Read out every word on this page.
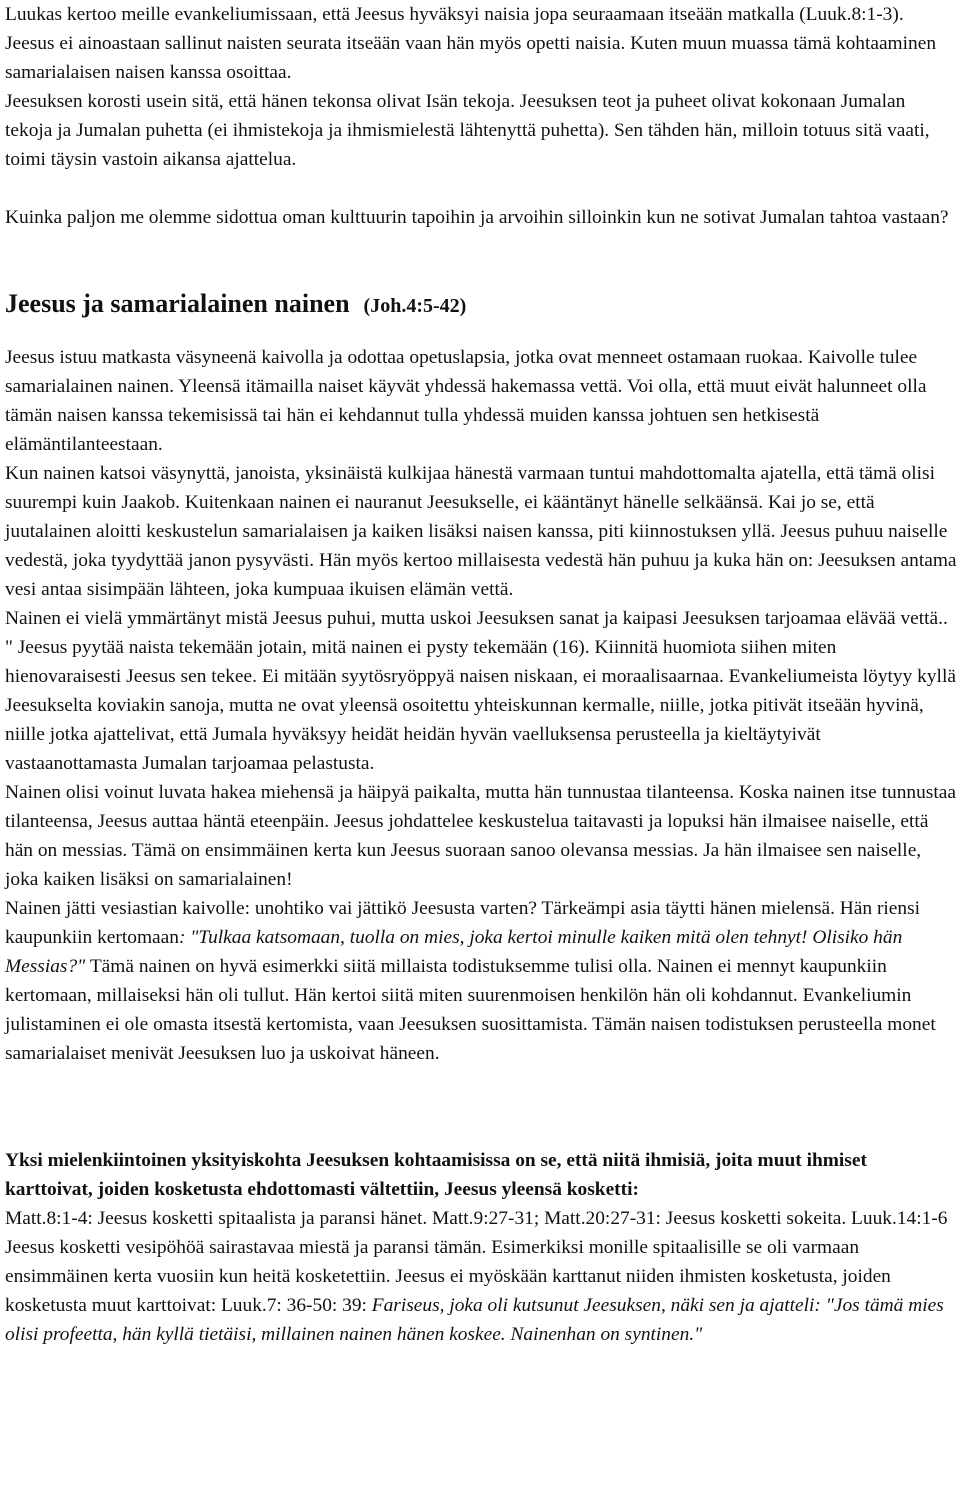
Luukas kertoo meille evankeliumissaan, että Jeesus hyväksyi naisia jopa seuraamaan itseään matkalla (Luuk.8:1-3). Jeesus ei ainoastaan sallinut naisten seurata itseään vaan hän myös opetti naisia. Kuten muun muassa tämä kohtaaminen samarialaisen naisen kanssa osoittaa.
Jeesuksen korosti usein sitä, että hänen tekonsa olivat Isän tekoja. Jeesuksen teot ja puheet olivat kokonaan Jumalan tekoja ja Jumalan puhetta (ei ihmistekoja ja ihmismielestä lähtenyttä puhetta). Sen tähden hän, milloin totuus sitä vaati, toimi täysin vastoin aikansa ajattelua.

Kuinka paljon me olemme sidottua oman kulttuurin tapoihin ja arvoihin silloinkin kun ne sotivat Jumalan tahtoa vastaan?

Jeesus ja samarialainen nainen (Joh.4:5-42)

Jeesus istuu matkasta väsyneenä kaivolla ja odottaa opetuslapsia, jotka ovat menneet ostamaan ruokaa. Kaivolle tulee samarialainen nainen. Yleensä itämailla naiset käyvät yhdessä hakemassa vettä. Voi olla, että muut eivät halunneet olla tämän naisen kanssa tekemisissä tai hän ei kehdannut tulla yhdessä muiden kanssa johtuen sen hetkisestä elämäntilanteestaan.

Kun nainen katsoi väsynyttä, janoista, yksinäistä kulkijaa hänestä varmaan tuntui mahdottomalta ajatella, että tämä olisi suurempi kuin Jaakob. Kuitenkaan nainen ei nauranut Jeesukselle, ei kääntänyt hänelle selkäänsä. Kai jo se, että juutalainen aloitti keskustelun samarialaisen ja kaiken lisäksi naisen kanssa, piti kiinnostuksen yllä. Jeesus puhuu naiselle vedestä, joka tyydyttää janon pysyvästi. Hän myös kertoo millaisesta vedestä hän puhuu ja kuka hän on: Jeesuksen antama vesi antaa sisimpään lähteen, joka kumpuaa ikuisen elämän vettä.

Nainen ei vielä ymmärtänyt mistä Jeesus puhui, mutta uskoi Jeesuksen sanat ja kaipasi Jeesuksen tarjoamaa elävää vettä.. " Jeesus pyytää naista tekemään jotain, mitä nainen ei pysty tekemään (16). Kiinnitä huomiota siihen miten hienovaraisesti Jeesus sen tekee. Ei mitään syytösryöppyä naisen niskaan, ei moraalisaarnaa. Evankeliumeista löytyy kyllä Jeesukselta koviakin sanoja, mutta ne ovat yleensä osoitettu yhteiskunnan kermalle, niille, jotka pitivät itseään hyvinä, niille jotka ajattelivat, että Jumala hyväksyy heidät heidän hyvän vaelluksensa perusteella ja kieltäytyivät vastaanottamasta Jumalan tarjoamaa pelastusta.

Nainen olisi voinut luvata hakea miehensä ja häipyä paikalta, mutta hän tunnustaa tilanteensa. Koska nainen itse tunnustaa tilanteensa, Jeesus auttaa häntä eteenpäin. Jeesus johdattelee keskustelua taitavasti ja lopuksi hän ilmaisee naiselle, että hän on messias. Tämä on ensimmäinen kerta kun Jeesus suoraan sanoo olevansa messias. Ja hän ilmaisee sen naiselle, joka kaiken lisäksi on samarialainen!

Nainen jätti vesiastian kaivolle: unohtiko vai jättikö Jeesusta varten? Tärkeämpi asia täytti hänen mielensä. Hän riensi kaupunkiin kertomaan: "Tulkaa katsomaan, tuolla on mies, joka kertoi minulle kaiken mitä olen tehnyt! Olisiko hän Messias?" Tämä nainen on hyvä esimerkki siitä millaista todistuksemme tulisi olla. Nainen ei mennyt kaupunkiin kertomaan, millaiseksi hän oli tullut. Hän kertoi siitä miten suurenmoisen henkilön hän oli kohdannut. Evankeliumin julistaminen ei ole omasta itsestä kertomista, vaan Jeesuksen suosittamista. Tämän naisen todistuksen perusteella monet samarialaiset menivät Jeesuksen luo ja uskoivat häneen.

Yksi mielenkiintoinen yksityiskohta Jeesuksen kohtaamisissa on se, että niitä ihmisiä, joita muut ihmiset karttoivat, joiden kosketusta ehdottomasti vältettiin, Jeesus yleensä kosketti:
Matt.8:1-4: Jeesus kosketti spitaalista ja paransi hänet. Matt.9:27-31; Matt.20:27-31: Jeesus kosketti sokeita. Luuk.14:1-6 Jeesus kosketti vesipöhöä sairastavaa miestä ja paransi tämän. Esimerkiksi monille spitaalisille se oli varmaan ensimmäinen kerta vuosiin kun heitä kosketettiin. Jeesus ei myöskään karttanut niiden ihmisten kosketusta, joiden kosketusta muut karttoivat: Luuk.7: 36-50: 39: Fariseus, joka oli kutsunut Jeesuksen, näki sen ja ajatteli: "Jos tämä mies olisi profeetta, hän kyllä tietäisi, millainen nainen hänen koskee. Nainenhan on syntinen."
